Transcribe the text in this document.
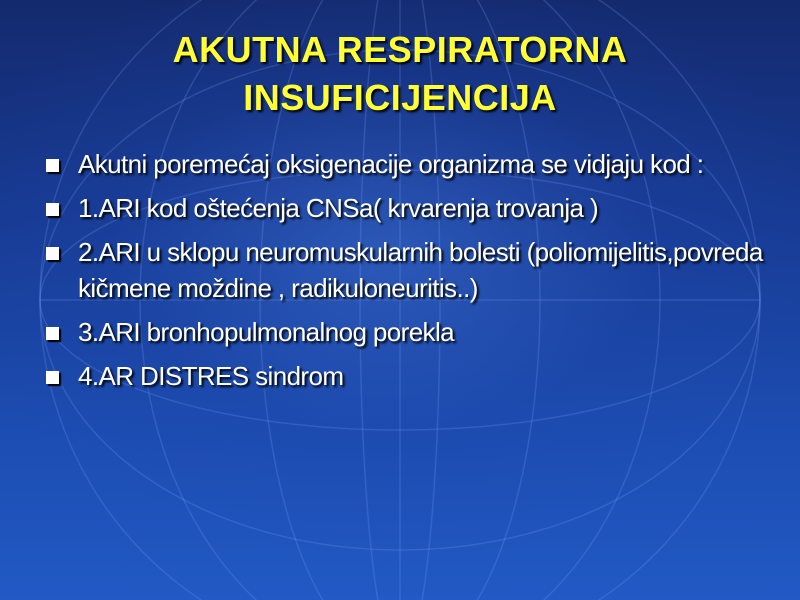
AKUTNA RESPIRATORNA
INSUFICIJENCIJA
Akutni poremećaj oksigenacije organizma se vidjaju kod :
1.ARI kod oštećenja CNSa( krvarenja trovanja )
2.ARI u sklopu neuromuskularnih bolesti (poliomijelitis,povreda kičmene moždine , radikuloneuritis..)
3.ARI bronhopulmonalnog porekla
4.AR DISTRES sindrom
